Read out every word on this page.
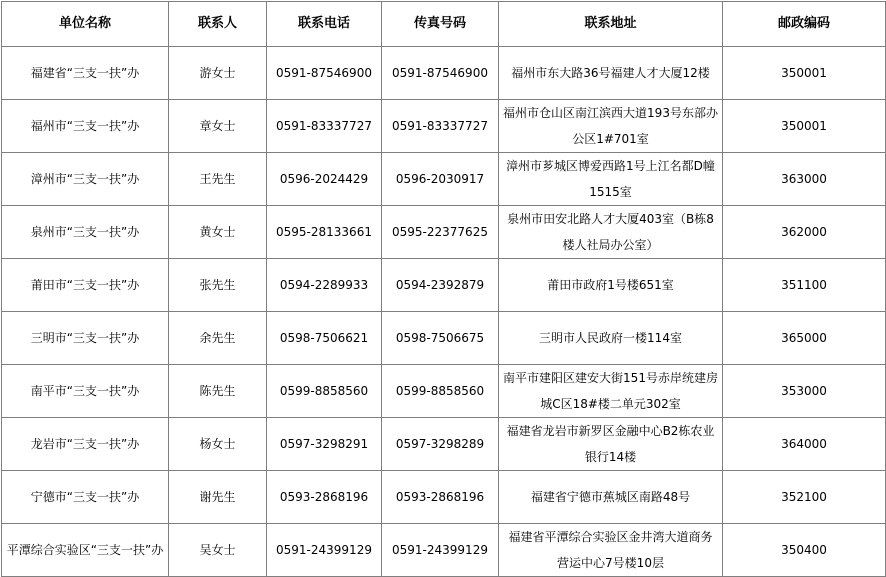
单位名称	联系人	联系电话	传真号码	联系地址	邮政编码
福建省“三支一扶”办	游女士	0591-87546900	0591-87546900	福州市东大路36号福建人才大厦12楼	350001
福州市“三支一扶”办	章女士	0591-83337727	0591-83337727	福州市仓山区南江滨西大道193号东部办公区1#701室	350001
漳州市“三支一扶”办	王先生	0596-2024429	0596-2030917	漳州市芗城区博爱西路1号上江名都D幢1515室	363000
泉州市“三支一扶”办	黄女士	0595-28133661	0595-22377625	泉州市田安北路人才大厦403室（B栋8楼人社局办公室）	362000
莆田市“三支一扶”办	张先生	0594-2289933	0594-2392879	莆田市政府1号楼651室	351100
三明市“三支一扶”办	余先生	0598-7506621	0598-7506675	三明市人民政府一楼114室	365000
南平市“三支一扶”办	陈先生	0599-8858560	0599-8858560	南平市建阳区建安大街151号赤岸统建房城C区18#楼二单元302室	353000
龙岩市“三支一扶”办	杨女士	0597-3298291	0597-3298289	福建省龙岩市新罗区金融中心B2栋农业银行14楼	364000
宁德市“三支一扶”办	谢先生	0593-2868196	0593-2868196	福建省宁德市蕉城区南路48号	352100
平潭综合实验区“三支一扶”办	吴女士	0591-24399129	0591-24399129	福建省平潭综合实验区金井湾大道商务营运中心7号楼10层	350400
